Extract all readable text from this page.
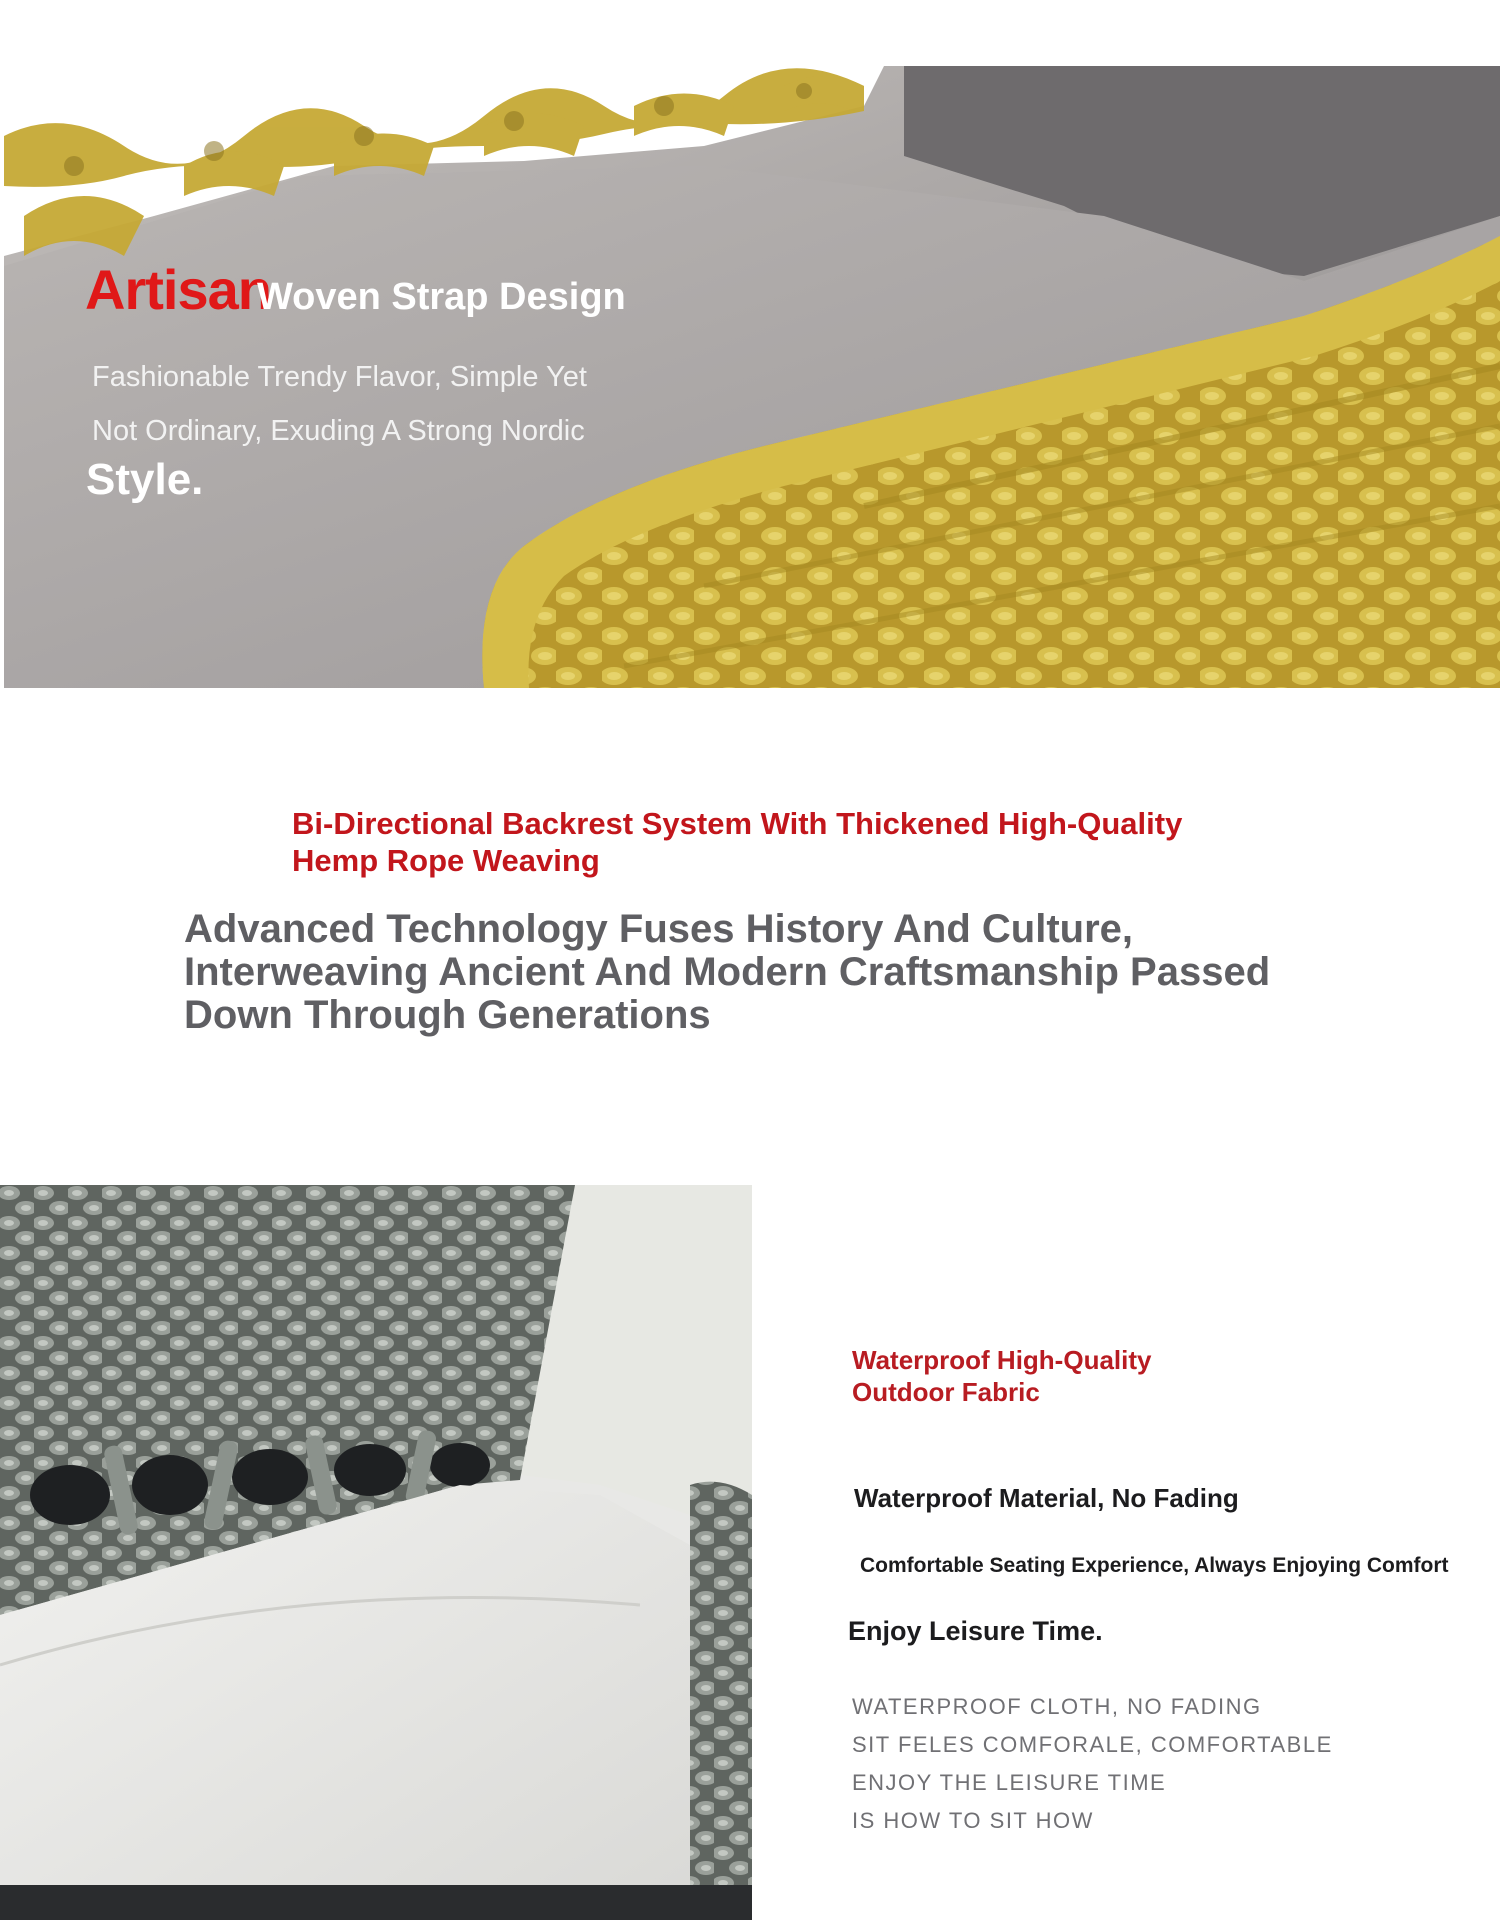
ArtisanWoven Strap Design
Fashionable Trendy Flavor, Simple Yet
Not Ordinary, Exuding A Strong Nordic
Style.
Bi-Directional Backrest System With Thickened High-Quality
Hemp Rope Weaving
Advanced Technology Fuses History And Culture,
Interweaving Ancient And Modern Craftsmanship Passed
Down Through Generations
Waterproof High-Quality
Outdoor Fabric
Waterproof Material, No Fading
Comfortable Seating Experience, Always Enjoying Comfort
Enjoy Leisure Time.
WATERPROOF CLOTH, NO FADING
SIT FELES COMFORALE, COMFORTABLE
ENJOY THE LEISURE TIME
IS HOW TO SIT HOW
